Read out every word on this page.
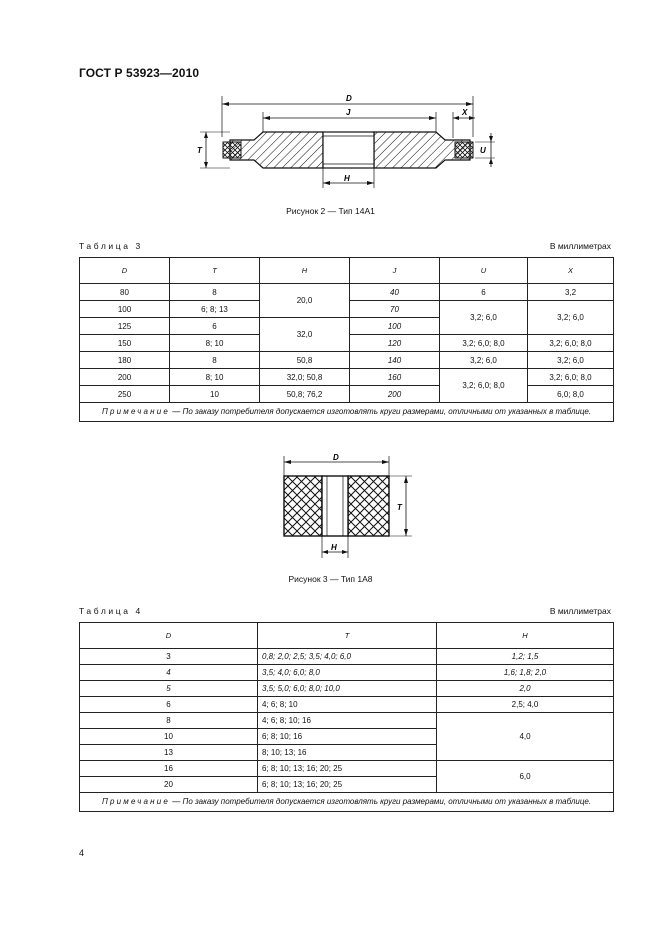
ГОСТ Р 53923—2010
D
J	X
T	U
H
Рисунок 2 — Тип 14А1
Таблица 3	В миллиметрах
D	T	H	J	U	X
80	8	20,0	40	6	3,2
100	6; 8; 13		70	3,2; 6,0	3,2; 6,0
125	6	32,0	100		
150	8; 10		120	3,2; 6,0; 8,0	3,2; 6,0; 8,0
180	8	50,8	140	3,2; 6,0	3,2; 6,0
200	8; 10	32,0; 50,8	160	3,2; 6,0; 8,0	3,2; 6,0; 8,0
250	10	50,8; 76,2	200		6,0; 8,0
Примечание — По заказу потребителя допускается изготовлять круги размерами, отличными от указанных в таблице.					
D
T
H
Рисунок 3 — Тип 1А8
Таблица 4	В миллиметрах
D	T	H
3	0,8; 2,0; 2,5; 3,5; 4,0; 6,0	1,2; 1,5
4	3,5; 4,0; 6,0; 8,0	1,6; 1,8; 2,0
5	3,5; 5,0; 6,0; 8,0; 10,0	2,0
6	4; 6; 8; 10	2,5; 4,0
8	4; 6; 8; 10; 16	4,0
10	6; 8; 10; 16	
13	8; 10; 13; 16	
16	6; 8; 10; 13; 16; 20; 25	6,0
20	6; 8; 10; 13; 16; 20; 25	
Примечание — По заказу потребителя допускается изготовлять круги размерами, отличными от указанных в таблице.		
4
